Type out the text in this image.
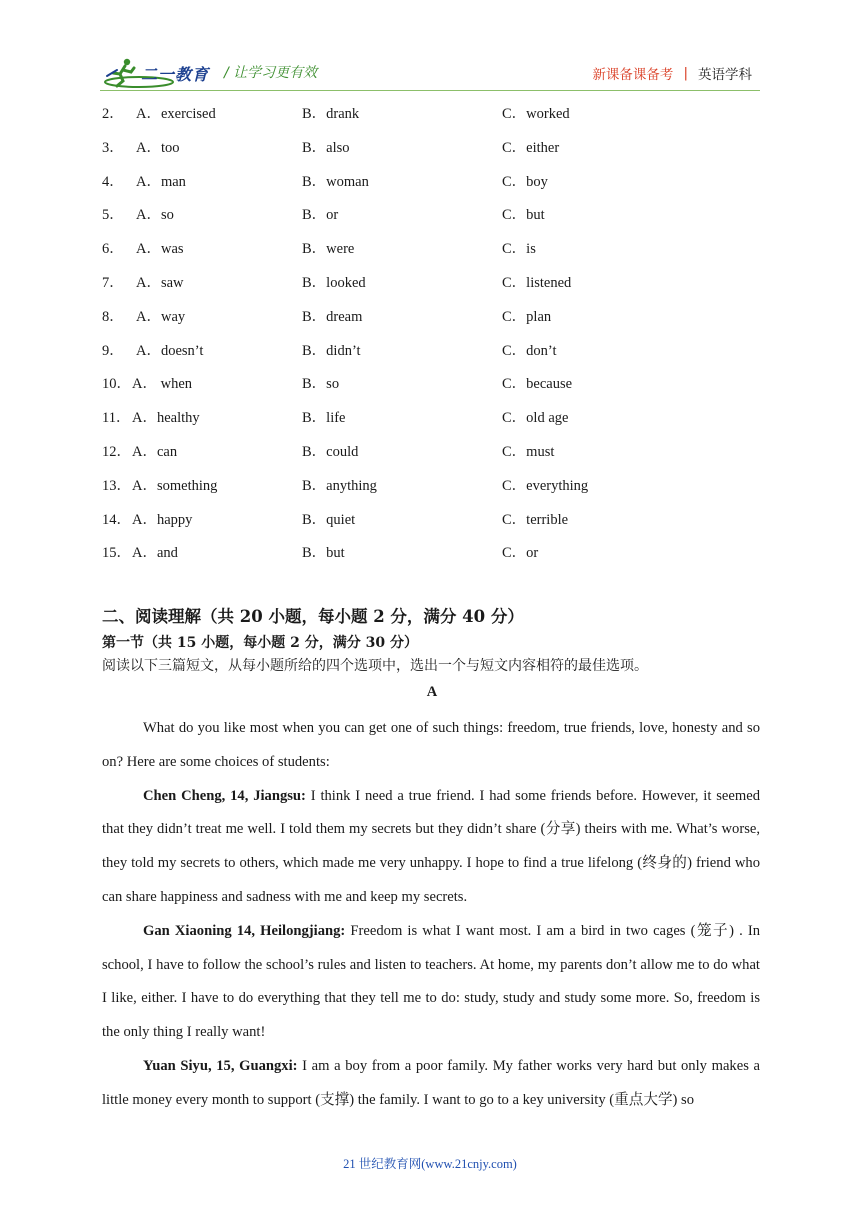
二一教育 / 让学习更有效	新课备课备考 | 英语学科
2． A．exercised	B．drank	C．worked
3． A．too	B．also	C．either
4． A．man	B．woman	C．boy
5． A．so	B．or	C．but
6． A．was	B．were	C．is
7． A．saw	B．looked	C．listened
8． A．way	B．dream	C．plan
9． A．doesn’t	B．didn’t	C．don’t
10． A． when	B．so	C．because
11． A．healthy	B．life	C．old age
12． A．can	B．could	C．must
13． A．something	B．anything	C．everything
14． A．happy	B．quiet	C．terrible
15． A．and	B．but	C．or
二、阅读理解（共 20 小题，每小题 2 分，满分 40 分）
第一节（共 15 小题，每小题 2 分，满分 30 分）
阅读以下三篇短文，从每小题所给的四个选项中，选出一个与短文内容相符的最佳选项。
A

What do you like most when you can get one of such things: freedom, true friends, love, honesty and so on? Here are some choices of students:

Chen Cheng, 14, Jiangsu: I think I need a true friend. I had some friends before. However, it seemed that they didn’t treat me well. I told them my secrets but they didn’t share (分享) theirs with me. What’s worse, they told my secrets to others, which made me very unhappy. I hope to find a true lifelong (终身的) friend who can share happiness and sadness with me and keep my secrets.

Gan Xiaoning 14, Heilongjiang: Freedom is what I want most. I am a bird in two cages (笼子) . In school, I have to follow the school’s rules and listen to teachers. At home, my parents don’t allow me to do what I like, either. I have to do everything that they tell me to do: study, study and study some more. So, freedom is the only thing I really want!

Yuan Siyu, 15, Guangxi: I am a boy from a poor family. My father works very hard but only makes a little money every month to support (支撑) the family. I want to go to a key university (重点大学) so

21 世纪教育网(www.21cnjy.com)
